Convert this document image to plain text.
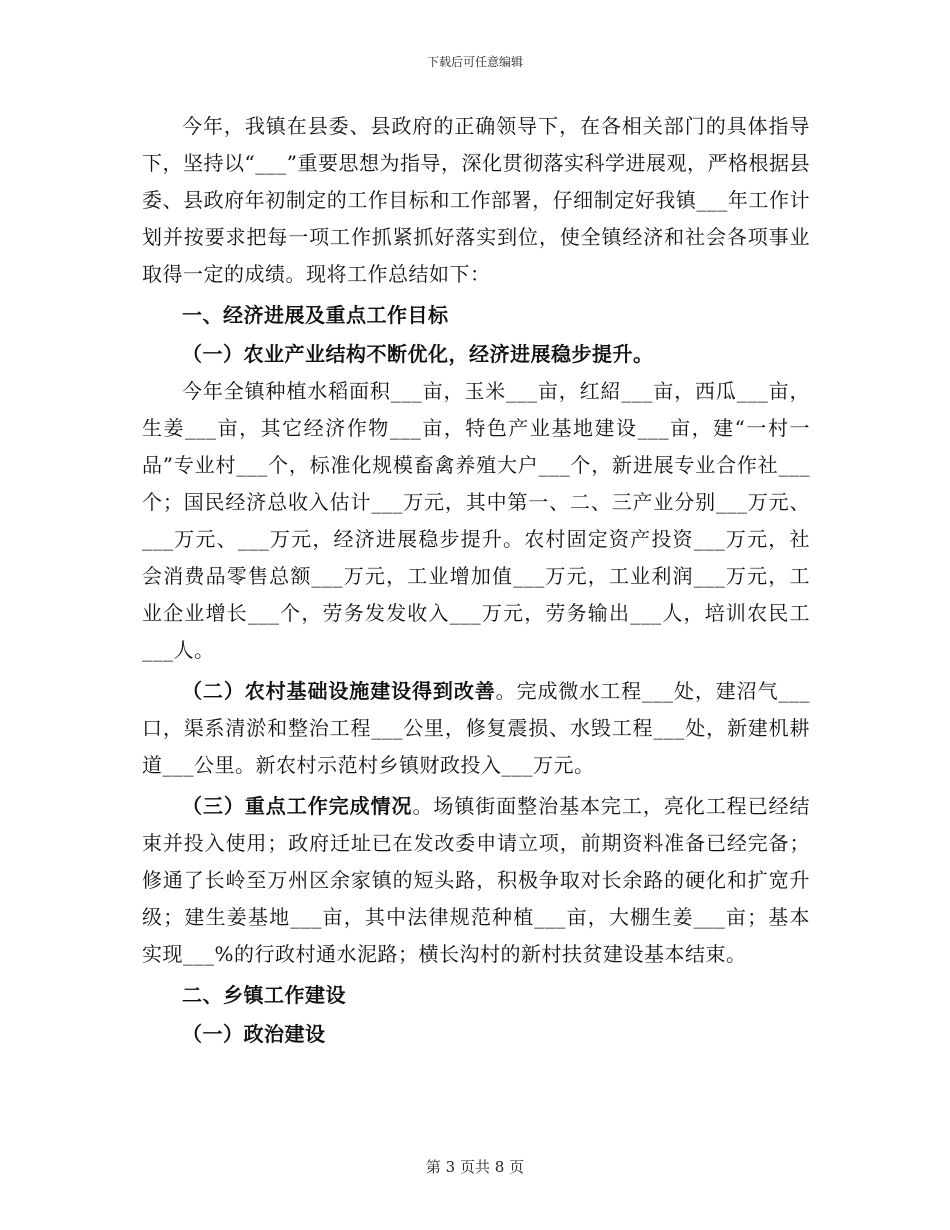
下载后可任意编辑

今年，我镇在县委、县政府的正确领导下，在各相关部门的具体指导下，坚持以“___”重要思想为指导，深化贯彻落实科学进展观，严格根据县委、县政府年初制定的工作目标和工作部署，仔细制定好我镇___年工作计划并按要求把每一项工作抓紧抓好落实到位，使全镇经济和社会各项事业取得一定的成绩。现将工作总结如下：

一、经济进展及重点工作目标

（一）农业产业结构不断优化，经济进展稳步提升。

今年全镇种植水稻面积___亩，玉米___亩，红紹___亩，西瓜___亩，生姜___亩，其它经济作物___亩，特色产业基地建设___亩，建“一村一品”专业村___个，标准化规模畜禽养殖大户___个，新进展专业合作社___个；国民经济总收入估计___万元，其中第一、二、三产业分别___万元、___万元、___万元，经济进展稳步提升。农村固定资产投资___万元，社会消费品零售总额___万元，工业增加值___万元，工业利润___万元，工业企业增长___个，劳务发发收入___万元，劳务输出___人，培训农民工___人。

（二）农村基础设施建设得到改善。完成微水工程___处，建沼气___口，渠系清淤和整治工程___公里，修复震损、水毁工程___处，新建机耕道___公里。新农村示范村乡镇财政投入___万元。

（三）重点工作完成情况。场镇街面整治基本完工，亮化工程已经结束并投入使用；政府迁址已在发改委申请立项，前期资料准备已经完备；修通了长岭至万州区余家镇的短头路，积极争取对长余路的硬化和扩宽升级；建生姜基地___亩，其中法律规范种植___亩，大棚生姜___亩；基本实现___%的行政村通水泥路；横长沟村的新村扶贫建设基本结束。

二、乡镇工作建设

（一）政治建设

第 3 页共 8 页
